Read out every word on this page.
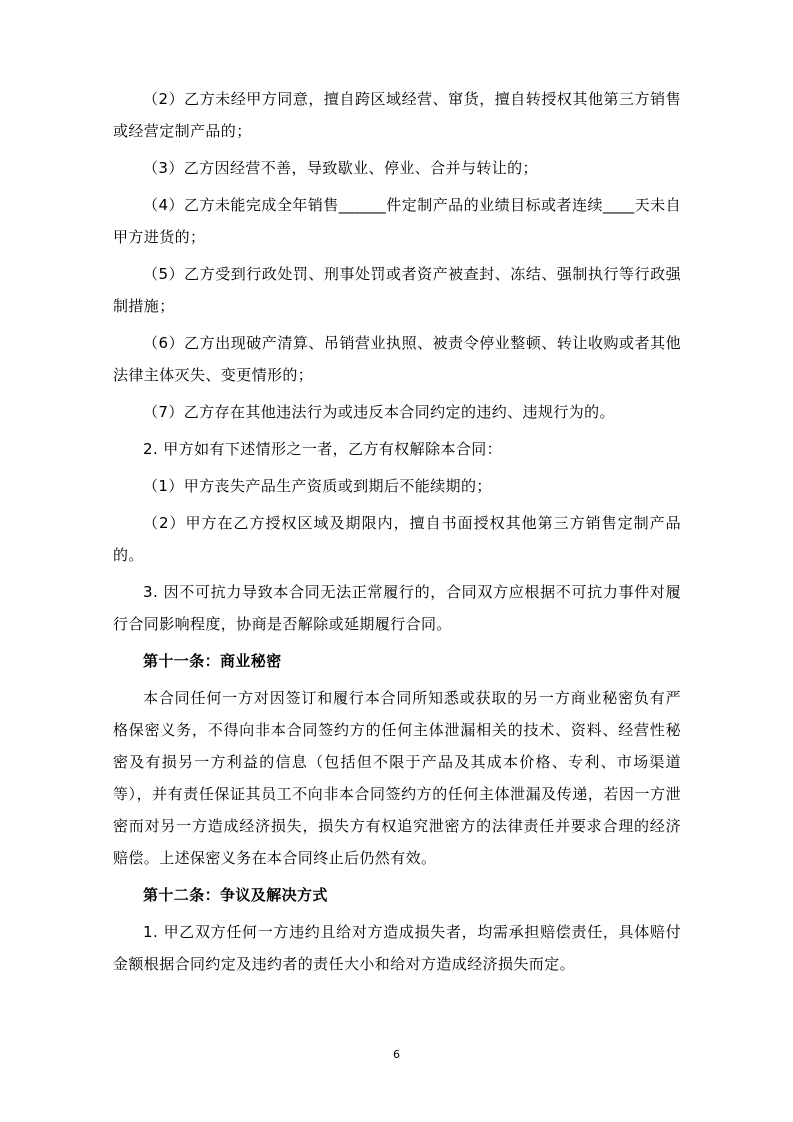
（2）乙方未经甲方同意，擅自跨区域经营、窜货，擅自转授权其他第三方销售或经营定制产品的；

（3）乙方因经营不善，导致歇业、停业、合并与转让的；

（4）乙方未能完成全年销售______件定制产品的业绩目标或者连续____天未自甲方进货的；

（5）乙方受到行政处罚、刑事处罚或者资产被查封、冻结、强制执行等行政强制措施；

（6）乙方出现破产清算、吊销营业执照、被责令停业整顿、转让收购或者其他法律主体灭失、变更情形的；

（7）乙方存在其他违法行为或违反本合同约定的违约、违规行为的。

2. 甲方如有下述情形之一者，乙方有权解除本合同：

（1）甲方丧失产品生产资质或到期后不能续期的；

（2）甲方在乙方授权区域及期限内，擅自书面授权其他第三方销售定制产品的。

3. 因不可抗力导致本合同无法正常履行的，合同双方应根据不可抗力事件对履行合同影响程度，协商是否解除或延期履行合同。

第十一条：商业秘密

本合同任何一方对因签订和履行本合同所知悉或获取的另一方商业秘密负有严格保密义务，不得向非本合同签约方的任何主体泄漏相关的技术、资料、经营性秘密及有损另一方利益的信息（包括但不限于产品及其成本价格、专利、市场渠道等），并有责任保证其员工不向非本合同签约方的任何主体泄漏及传递，若因一方泄密而对另一方造成经济损失，损失方有权追究泄密方的法律责任并要求合理的经济赔偿。上述保密义务在本合同终止后仍然有效。

第十二条：争议及解决方式

1. 甲乙双方任何一方违约且给对方造成损失者，均需承担赔偿责任，具体赔付金额根据合同约定及违约者的责任大小和给对方造成经济损失而定。

6
